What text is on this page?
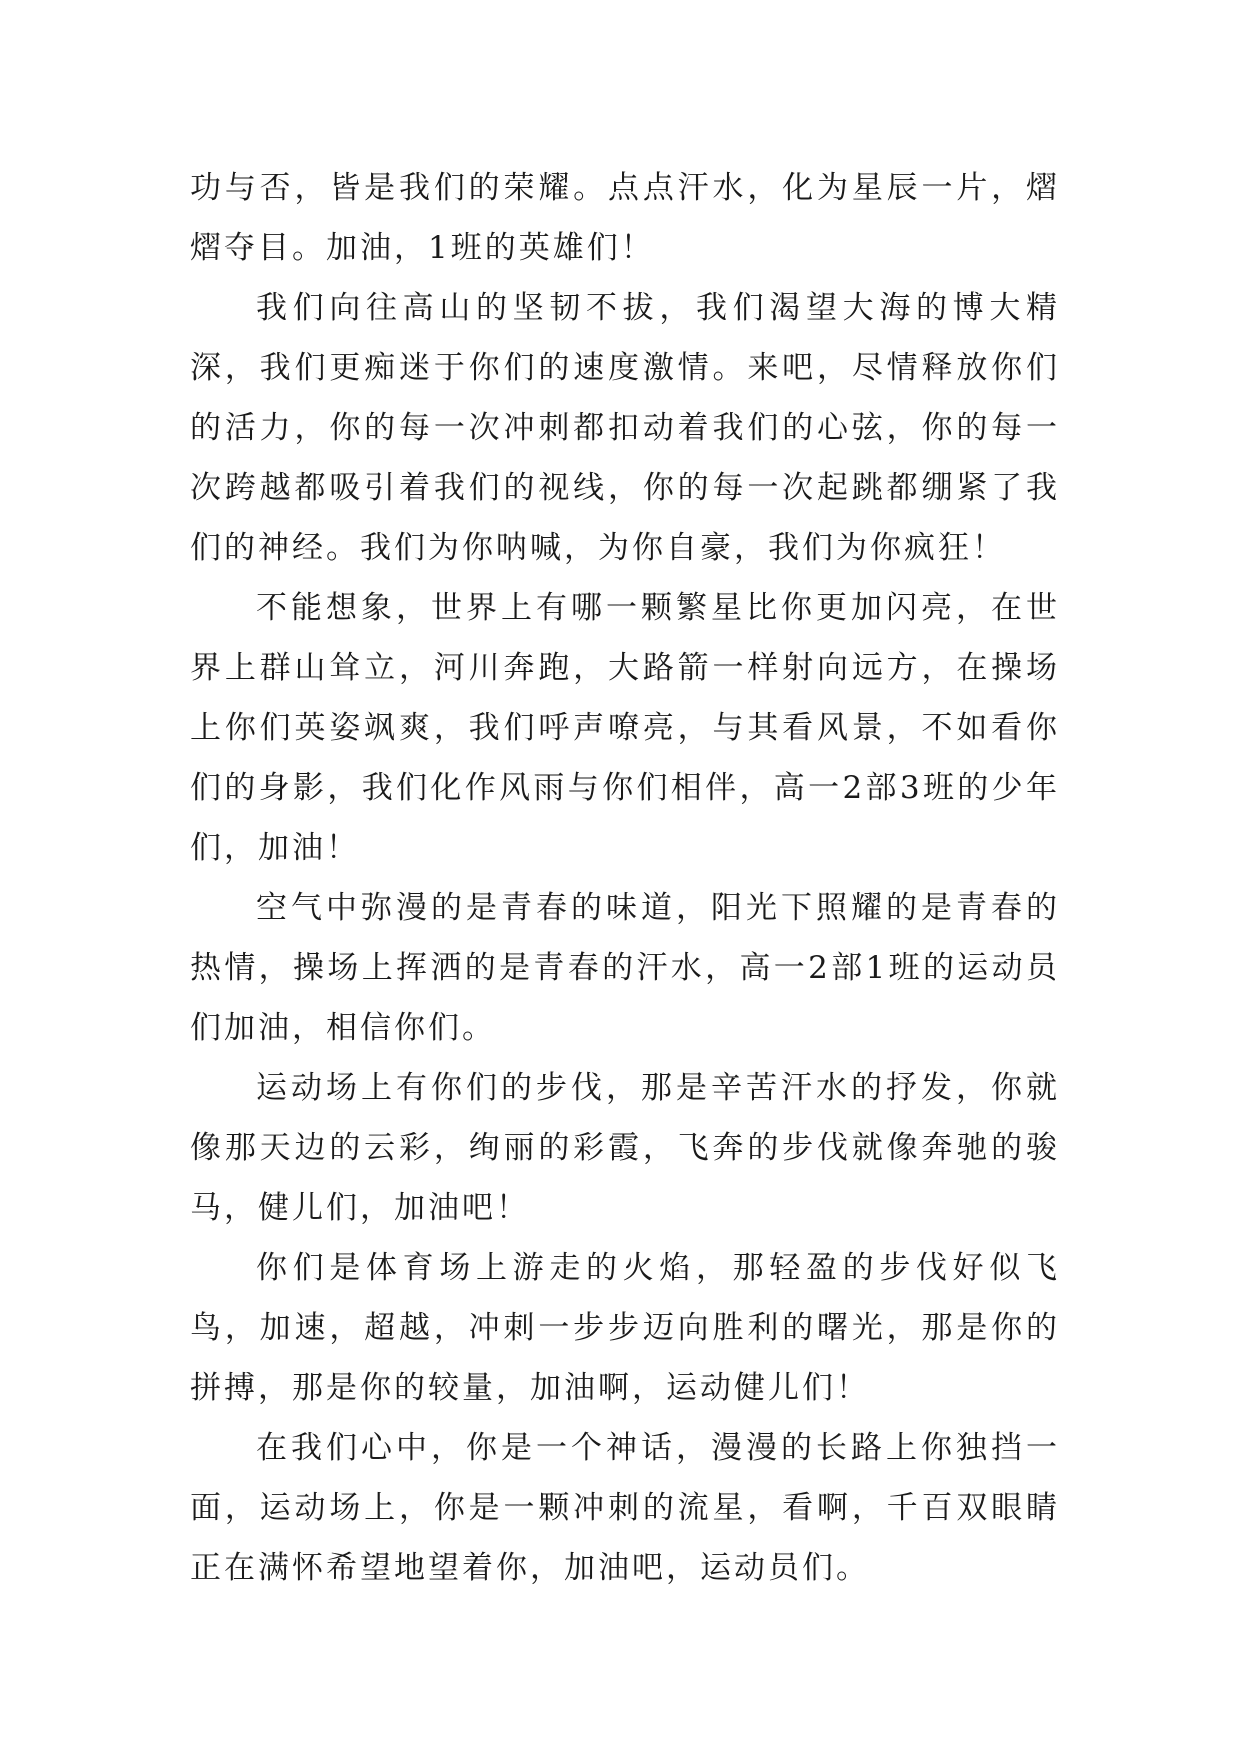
功与否，皆是我们的荣耀。点点汗水，化为星辰一片，熠熠夺目。加油，1班的英雄们！

我们向往高山的坚韧不拔，我们渴望大海的博大精深，我们更痴迷于你们的速度激情。来吧，尽情释放你们的活力，你的每一次冲刺都扣动着我们的心弦，你的每一次跨越都吸引着我们的视线，你的每一次起跳都绷紧了我们的神经。我们为你呐喊，为你自豪，我们为你疯狂！

不能想象，世界上有哪一颗繁星比你更加闪亮，在世界上群山耸立，河川奔跑，大路箭一样射向远方，在操场上你们英姿飒爽，我们呼声嘹亮，与其看风景，不如看你们的身影，我们化作风雨与你们相伴，高一2部3班的少年们，加油！

空气中弥漫的是青春的味道，阳光下照耀的是青春的热情，操场上挥洒的是青春的汗水，高一2部1班的运动员们加油，相信你们。

运动场上有你们的步伐，那是辛苦汗水的抒发，你就像那天边的云彩，绚丽的彩霞，飞奔的步伐就像奔驰的骏马，健儿们，加油吧！

你们是体育场上游走的火焰，那轻盈的步伐好似飞鸟，加速，超越，冲刺一步步迈向胜利的曙光，那是你的拼搏，那是你的较量，加油啊，运动健儿们！

在我们心中，你是一个神话，漫漫的长路上你独挡一面，运动场上，你是一颗冲刺的流星，看啊，千百双眼睛正在满怀希望地望着你，加油吧，运动员们。
